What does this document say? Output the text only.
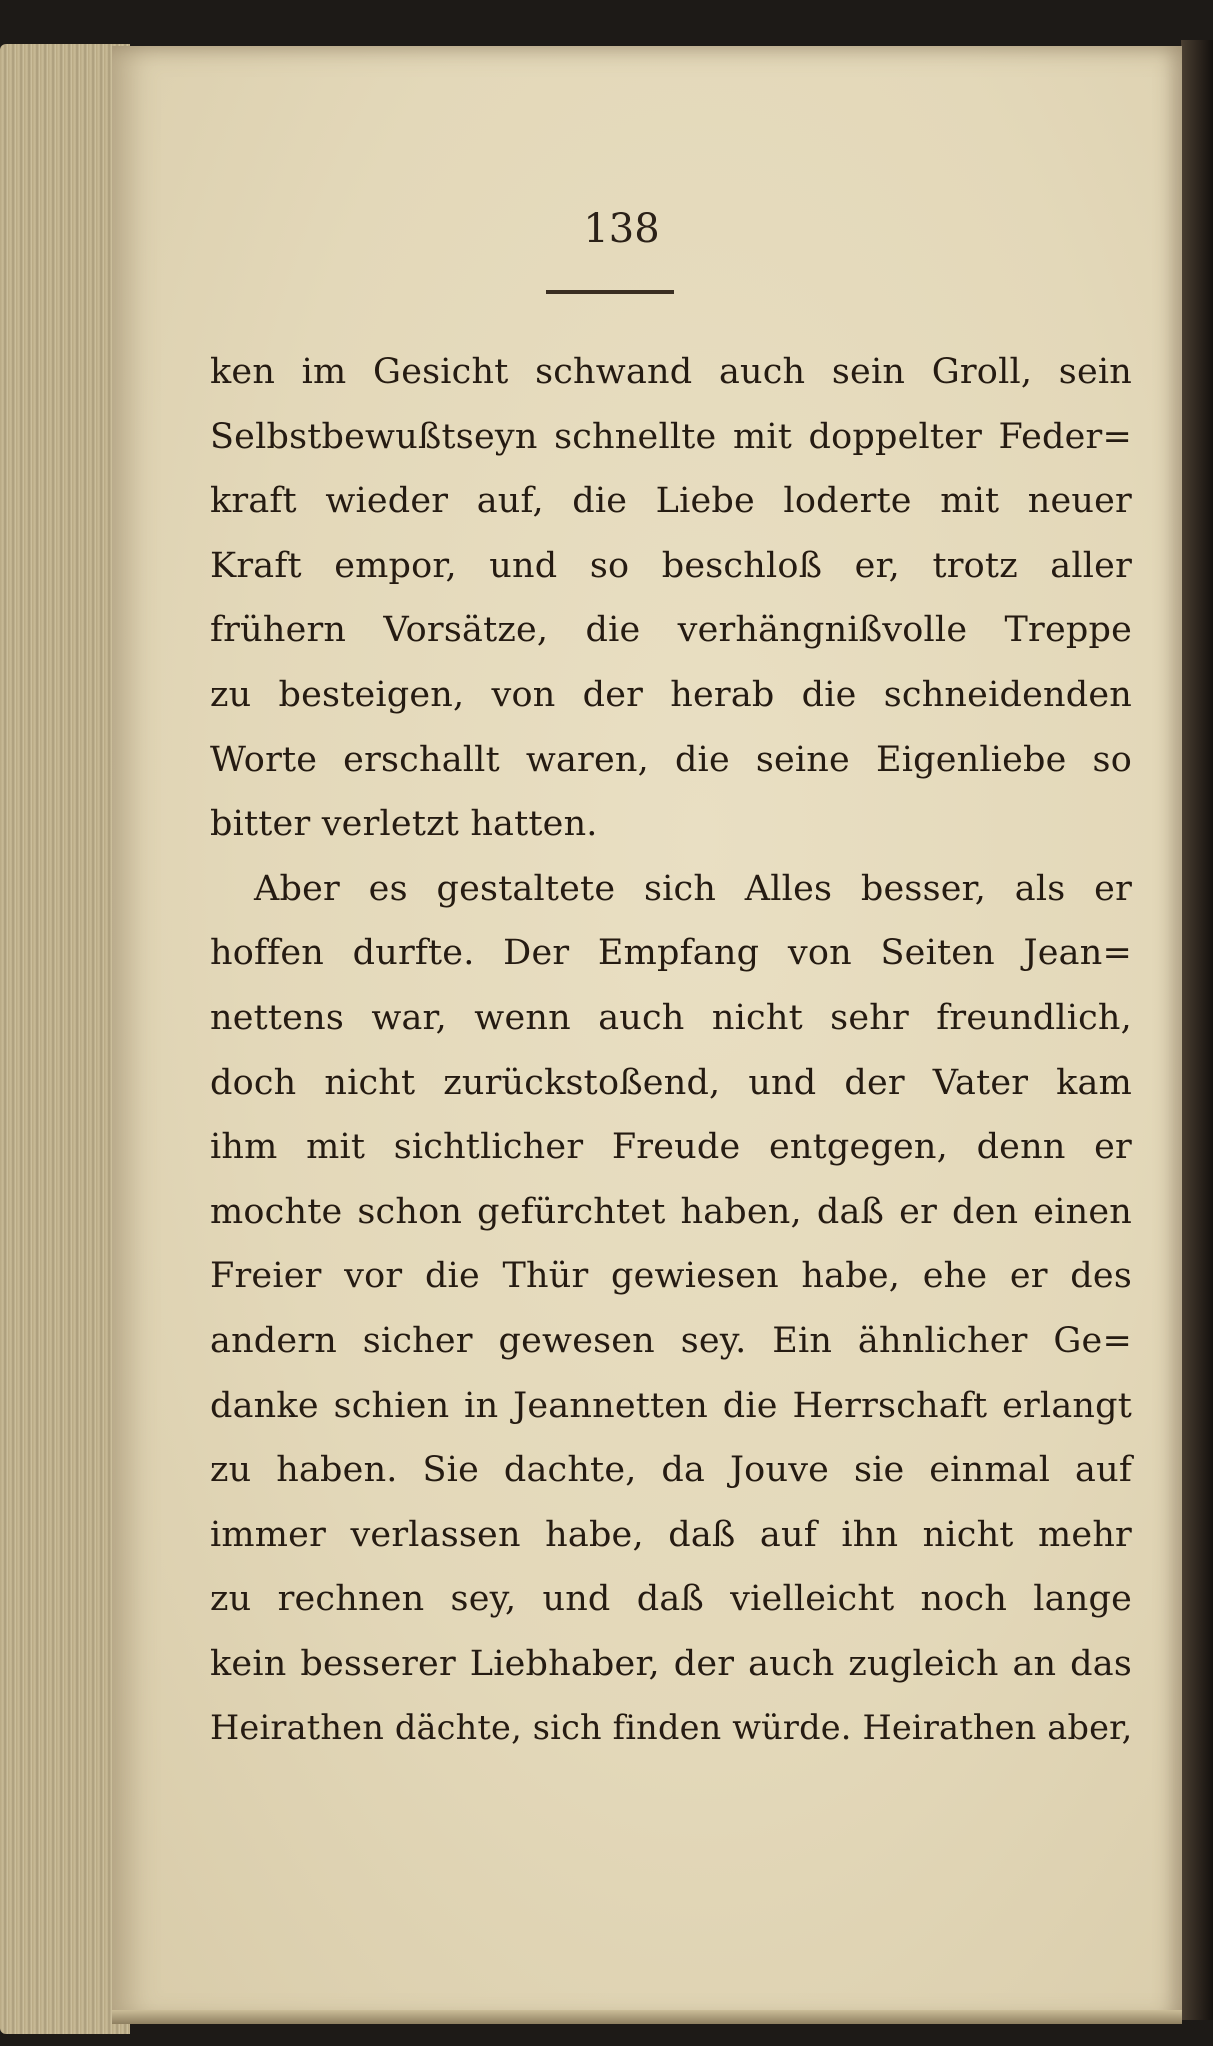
138
ken im Gesicht schwand auch sein Groll, sein
Selbstbewußtseyn schnellte mit doppelter Feder=
kraft wieder auf, die Liebe loderte mit neuer
Kraft empor, und so beschloß er, trotz aller
frühern Vorsätze, die verhängnißvolle Treppe
zu besteigen, von der herab die schneidenden
Worte erschallt waren, die seine Eigenliebe so
bitter verletzt hatten.
Aber es gestaltete sich Alles besser, als er
hoffen durfte. Der Empfang von Seiten Jean=
nettens war, wenn auch nicht sehr freundlich,
doch nicht zurückstoßend, und der Vater kam
ihm mit sichtlicher Freude entgegen, denn er
mochte schon gefürchtet haben, daß er den einen
Freier vor die Thür gewiesen habe, ehe er des
andern sicher gewesen sey. Ein ähnlicher Ge=
danke schien in Jeannetten die Herrschaft erlangt
zu haben. Sie dachte, da Jouve sie einmal auf
immer verlassen habe, daß auf ihn nicht mehr
zu rechnen sey, und daß vielleicht noch lange
kein besserer Liebhaber, der auch zugleich an das
Heirathen dächte, sich finden würde. Heirathen aber,
